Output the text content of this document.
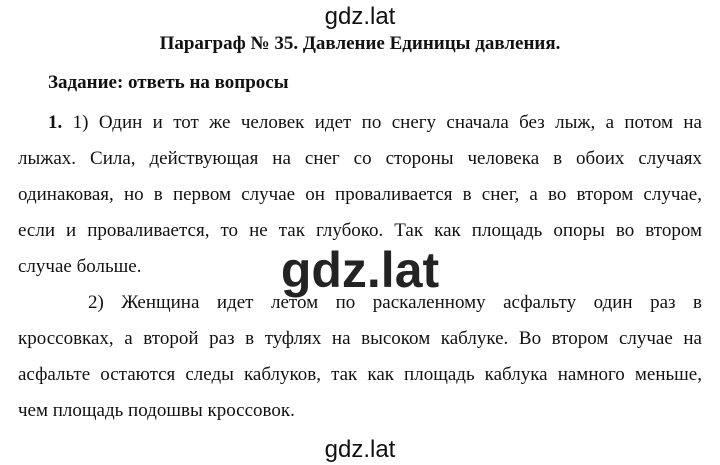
gdz.lat
Параграф № 35. Давление Единицы давления.
Задание: ответь на вопросы
1. 1) Один и тот же человек идет по снегу сначала без лыж, а потом на
лыжах. Сила, действующая на снег со стороны человека в обоих случаях
одинаковая, но в первом случае он проваливается в снег, а во втором случае,
если и проваливается, то не так глубоко. Так как площадь опоры во втором
случае больше.
2) Женщина идет летом по раскаленному асфальту один раз в
кроссовках, а второй раз в туфлях на высоком каблуке. Во втором случае на
асфальте остаются следы каблуков, так как площадь каблука намного меньше,
чем площадь подошвы кроссовок.
gdz.lat
gdz.lat
